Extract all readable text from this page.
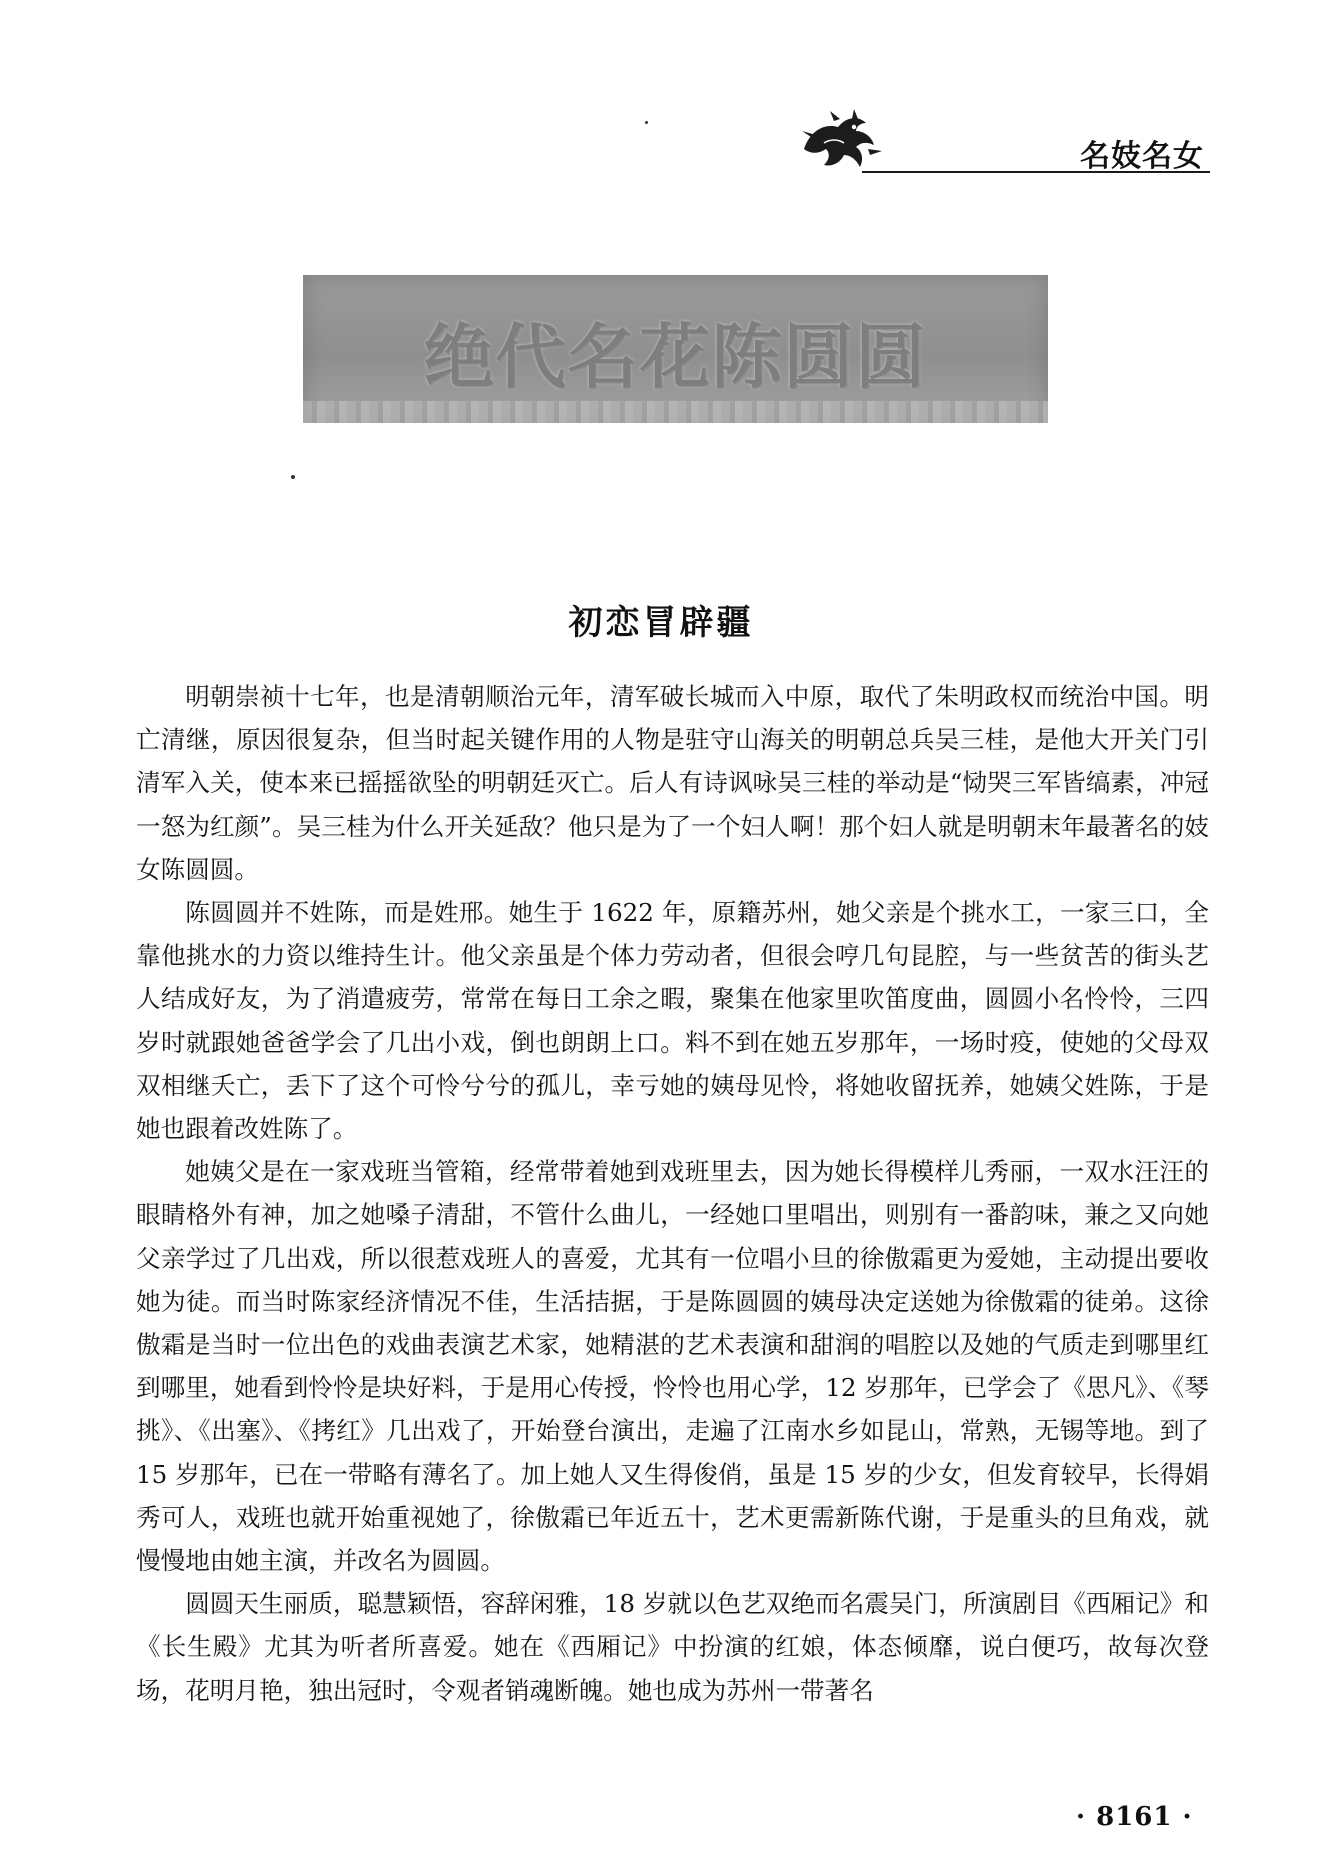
名妓名女
绝代名花陈圆圆
初恋冒辟疆

明朝崇祯十七年，也是清朝顺治元年，清军破长城而入中原，取代了朱明政权而统治中国。明亡清继，原因很复杂，但当时起关键作用的人物是驻守山海关的明朝总兵吴三桂，是他大开关门引清军入关，使本来已摇摇欲坠的明朝廷灭亡。后人有诗讽咏吴三桂的举动是“恸哭三军皆缟素，冲冠一怒为红颜”。吴三桂为什么开关延敌？他只是为了一个妇人啊！那个妇人就是明朝末年最著名的妓女陈圆圆。

陈圆圆并不姓陈，而是姓邢。她生于 1622 年，原籍苏州，她父亲是个挑水工，一家三口，全靠他挑水的力资以维持生计。他父亲虽是个体力劳动者，但很会哼几句昆腔，与一些贫苦的街头艺人结成好友，为了消遣疲劳，常常在每日工余之暇，聚集在他家里吹笛度曲，圆圆小名怜怜，三四岁时就跟她爸爸学会了几出小戏，倒也朗朗上口。料不到在她五岁那年，一场时疫，使她的父母双双相继夭亡，丢下了这个可怜兮兮的孤儿，幸亏她的姨母见怜，将她收留抚养，她姨父姓陈，于是她也跟着改姓陈了。

她姨父是在一家戏班当管箱，经常带着她到戏班里去，因为她长得模样儿秀丽，一双水汪汪的眼睛格外有神，加之她嗓子清甜，不管什么曲儿，一经她口里唱出，则别有一番韵味，兼之又向她父亲学过了几出戏，所以很惹戏班人的喜爱，尤其有一位唱小旦的徐傲霜更为爱她，主动提出要收她为徒。而当时陈家经济情况不佳，生活拮据，于是陈圆圆的姨母决定送她为徐傲霜的徒弟。这徐傲霜是当时一位出色的戏曲表演艺术家，她精湛的艺术表演和甜润的唱腔以及她的气质走到哪里红到哪里，她看到怜怜是块好料，于是用心传授，怜怜也用心学，12 岁那年，已学会了《思凡》、《琴挑》、《出塞》、《拷红》几出戏了，开始登台演出，走遍了江南水乡如昆山，常熟，无锡等地。到了 15 岁那年，已在一带略有薄名了。加上她人又生得俊俏，虽是 15 岁的少女，但发育较早，长得娟秀可人，戏班也就开始重视她了，徐傲霜已年近五十，艺术更需新陈代谢，于是重头的旦角戏，就慢慢地由她主演，并改名为圆圆。

圆圆天生丽质，聪慧颖悟，容辞闲雅，18 岁就以色艺双绝而名震吴门，所演剧目《西厢记》和《长生殿》尤其为听者所喜爱。她在《西厢记》中扮演的红娘，体态倾靡，说白便巧，故每次登场，花明月艳，独出冠时，令观者销魂断魄。她也成为苏州一带著名

· 8161 ·
